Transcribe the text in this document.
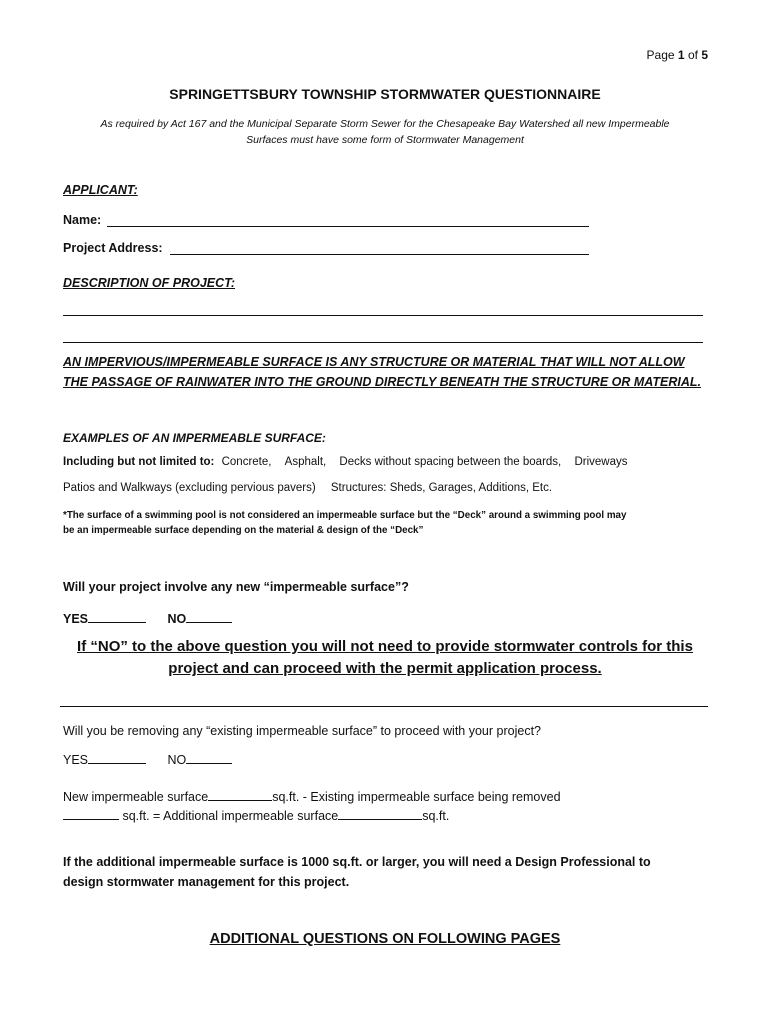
Page 1 of 5
SPRINGETTSBURY TOWNSHIP STORMWATER QUESTIONNAIRE
As required by Act 167 and the Municipal Separate Storm Sewer for the Chesapeake Bay Watershed all new Impermeable
Surfaces must have some form of Stormwater Management
APPLICANT:
Name:
Project Address:
DESCRIPTION OF PROJECT:
AN IMPERVIOUS/IMPERMEABLE SURFACE IS ANY STRUCTURE OR MATERIAL THAT WILL NOT ALLOW
THE PASSAGE OF RAINWATER INTO THE GROUND DIRECTLY BENEATH THE STRUCTURE OR MATERIAL.
EXAMPLES OF AN IMPERMEABLE SURFACE:
Including but not limited to: Concrete, Asphalt, Decks without spacing between the boards, Driveways
Patios and Walkways (excluding pervious pavers) Structures: Sheds, Garages, Additions, Etc.
*The surface of a swimming pool is not considered an impermeable surface but the “Deck” around a swimming pool may
be an impermeable surface depending on the material & design of the “Deck”
Will your project involve any new “impermeable surface”?
YES	NO
If “NO” to the above question you will not need to provide stormwater controls for this
project and can proceed with the permit application process.
Will you be removing any “existing impermeable surface” to proceed with your project?
YES	NO
New impermeable surface	sq.ft. - Existing impermeable surface being removed
sq.ft. = Additional impermeable surface	sq.ft.
If the additional impermeable surface is 1000 sq.ft. or larger, you will need a Design Professional to
design stormwater management for this project.
ADDITIONAL QUESTIONS ON FOLLOWING PAGES
